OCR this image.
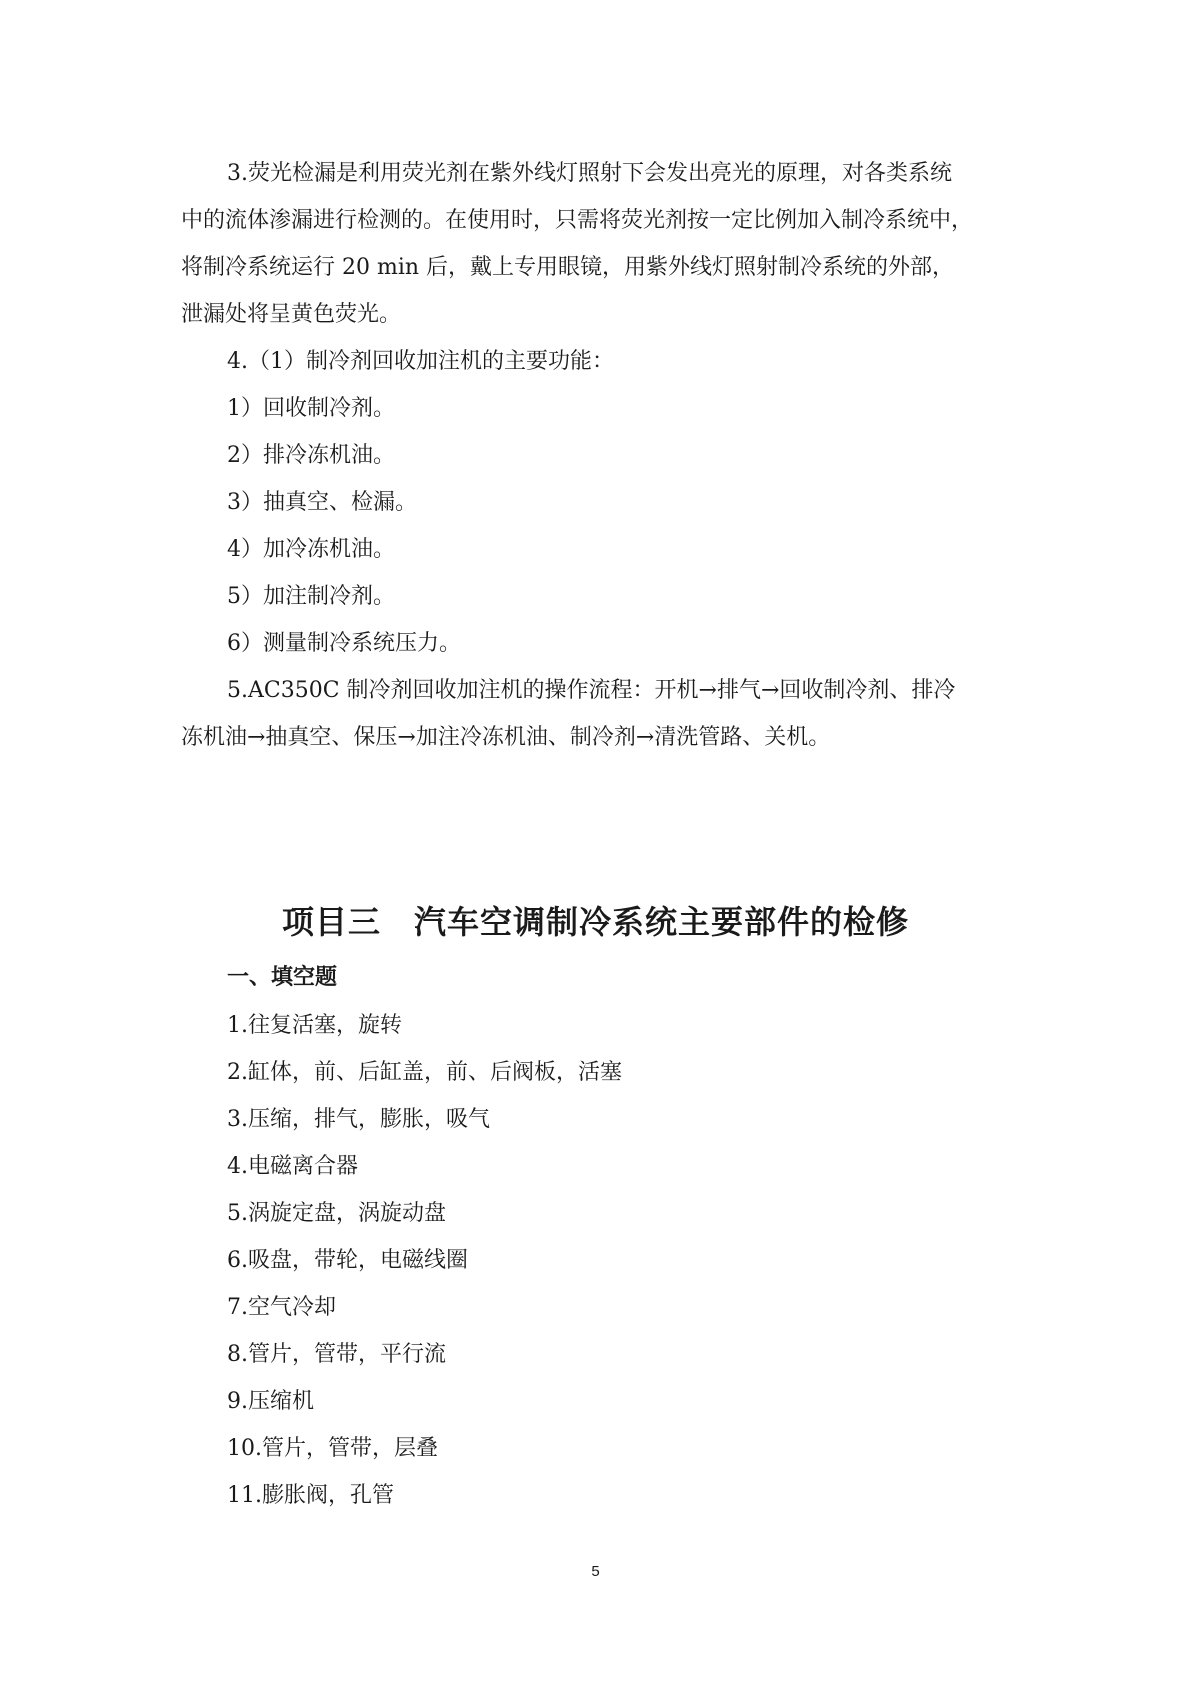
3.荧光检漏是利用荧光剂在紫外线灯照射下会发出亮光的原理，对各类系统

中的流体渗漏进行检测的。在使用时，只需将荧光剂按一定比例加入制冷系统中，

将制冷系统运行 20 min 后，戴上专用眼镜，用紫外线灯照射制冷系统的外部，

泄漏处将呈黄色荧光。

4.（1）制冷剂回收加注机的主要功能：

1）回收制冷剂。

2）排冷冻机油。

3）抽真空、检漏。

4）加冷冻机油。

5）加注制冷剂。

6）测量制冷系统压力。

5.AC350C 制冷剂回收加注机的操作流程：开机→排气→回收制冷剂、排冷

冻机油→抽真空、保压→加注冷冻机油、制冷剂→清洗管路、关机。

项目三　汽车空调制冷系统主要部件的检修
一、填空题

1.往复活塞，旋转

2.缸体，前、后缸盖，前、后阀板，活塞

3.压缩，排气，膨胀，吸气

4.电磁离合器

5.涡旋定盘，涡旋动盘

6.吸盘，带轮，电磁线圈

7.空气冷却

8.管片，管带，平行流

9.压缩机

10.管片，管带，层叠

11.膨胀阀，孔管

5
